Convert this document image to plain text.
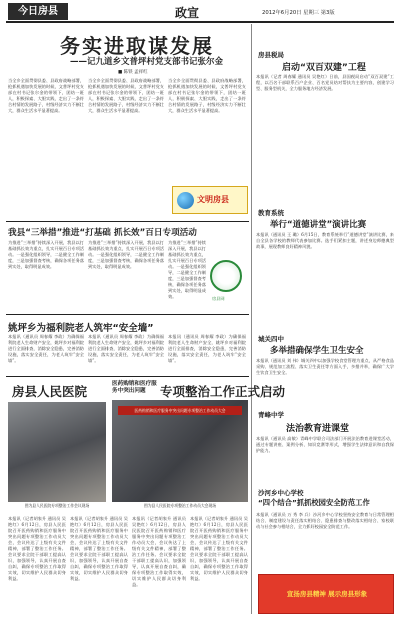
今日房县	政宣	2012年6月20日 星期三 第3版
务实进取谋发展
——记九道乡文普坪村党支部书记张尔金
■ 陈铁 孟祥红
当全乡全面贯彻县委、县政府战略部署，抢抓机遇加快发展的时候，文普坪村党支部在村书记张尔金的带领下，团结一班人，积极探索、大胆实践，走出了一条符合村情的发展路子，村级经济实力不断壮大，群众生活水平显著提高。
当全乡全面贯彻县委、县政府战略部署，抢抓机遇加快发展的时候，文普坪村党支部在村书记张尔金的带领下，团结一班人，积极探索、大胆实践，走出了一条符合村情的发展路子，村级经济实力不断壮大，群众生活水平显著提高。
当全乡全面贯彻县委、县政府战略部署，抢抓机遇加快发展的时候，文普坪村党支部在村书记张尔金的带领下，团结一班人，积极探索、大胆实践，走出了一条符合村情的发展路子，村级经济实力不断壮大，群众生活水平显著提高。
文明房县
我县“三举措”推进“打基础 抓长效”百日专项活动
为推进“三举措”持续深入开展，我县以打基础抓长效为重点，扎实开展百日专项活动。一是强化组织领导，二是健全工作制度，三是加强督查考核，确保各项任务落到实处，取得明显成效。
为推进“三举措”持续深入开展，我县以打基础抓长效为重点，扎实开展百日专项活动。一是强化组织领导，二是健全工作制度，三是加强督查考核，确保各项任务落到实处，取得明显成效。
为推进“三举措”持续深入开展，我县以打基础抓长效为重点，扎实开展百日专项活动。一是强化组织领导，二是健全工作制度，三是加强督查考核，确保各项任务落到实处，取得明显成效。	房县网
姚坪乡为福利院老人筑牢“安全墙”
本报讯（通讯员 周春耀 李政）为确保福利院老人生命财产安全，姚坪乡对福利院进行全面排查，消除安全隐患，完善消防设施，落实安全责任，为老人筑牢“安全墙”。
本报讯（通讯员 周春耀 李政）为确保福利院老人生命财产安全，姚坪乡对福利院进行全面排查，消除安全隐患，完善消防设施，落实安全责任，为老人筑牢“安全墙”。
本报讯（通讯员 周春耀 李政）为确保福利院老人生命财产安全，姚坪乡对福利院进行全面排查，消除安全隐患，完善消防设施，落实安全责任，为老人筑牢“安全墙”。
房县人民医院	医药购销和医疗服务中突出问题	专项整治工作正式启动
图为县人民医院专项整治工作会议现场
本报讯（记者胡家升 通讯员 吴艳红）6月12日，房县人民医院召开医药购销和医疗服务中突出问题专项整治工作动员大会，会议传达了上级有关文件精神，部署了整治工作任务。会议要求全院干部职工提高认识，加强领导，认真开展自查自纠，确保专项整治工作取得实效，切实维护人民群众切身利益。
本报讯（记者胡家升 通讯员 吴艳红）6月12日，房县人民医院召开医药购销和医疗服务中突出问题专项整治工作动员大会，会议传达了上级有关文件精神，部署了整治工作任务。会议要求全院干部职工提高认识，加强领导，认真开展自查自纠，确保专项整治工作取得实效，切实维护人民群众切身利益。
本报讯（记者胡家升 通讯员 吴艳红）6月12日，房县人民医院召开医药购销和医疗服务中突出问题专项整治工作动员大会，会议传达了上级有关文件精神，部署了整治工作任务。会议要求全院干部职工提高认识，加强领导，认真开展自查自纠，确保专项整治工作取得实效，切实维护人民群众切身利益。
本报讯（记者胡家升 通讯员 吴艳红）6月12日，房县人民医院召开医药购销和医疗服务中突出问题专项整治工作动员大会，会议传达了上级有关文件精神，部署了整治工作任务。会议要求全院干部职工提高认识，加强领导，认真开展自查自纠，确保专项整治工作取得实效，切实维护人民群众切身利益。
医药购销和医疗服务中突出问题专项整治工作动员大会
图为县人民医院专项整治工作动员大会现场
房县税局
启动“双百双建”工程
本报讯（记者 周春耀 通讯员 吴艳红）日前，县国税局启动“双百双建”工程，以百名干部联系百户企业、百名党员结对帮扶为主要内容，创建学习型、服务型机关，全力服务地方经济发展。
教育系统
举行“道德讲堂”演讲比赛
本报讯（通讯员 王 璐）6月15日，教育系统举行“道德讲堂”演讲比赛，来自全县各学校的教师代表参加比赛。选手们紧扣主题，讲述身边师德典型故事，展现教师良好精神风貌。
城关四中
多举措确保学生卫生安全
本报讯（通讯员 刘 伟）城关四中以加强学校食堂管理为重点，从严格食品采购、规范加工流程、落实卫生责任等方面入手，多措并举，确保广大学生饮食卫生安全。
青峰中学
法治教育进课堂
本报讯（通讯员 高敏）青峰中学联合司法部门开展法治教育进课堂活动，通过专题讲座、案例分析、知识竞赛等形式，增强学生法律意识和自我保护能力。
沙河乡中心学校
“四个结合”抓抓校园安全防范工作
本报讯（通讯员 万 秀 李 兵）沙河乡中心学校坚持安全教育与日常管理相结合、制度建设与责任落实相结合、隐患排查与整改落实相结合、家校联动与社会参与相结合，全力抓好校园安全防范工作。
宣扬房县精神 展示房县形象
